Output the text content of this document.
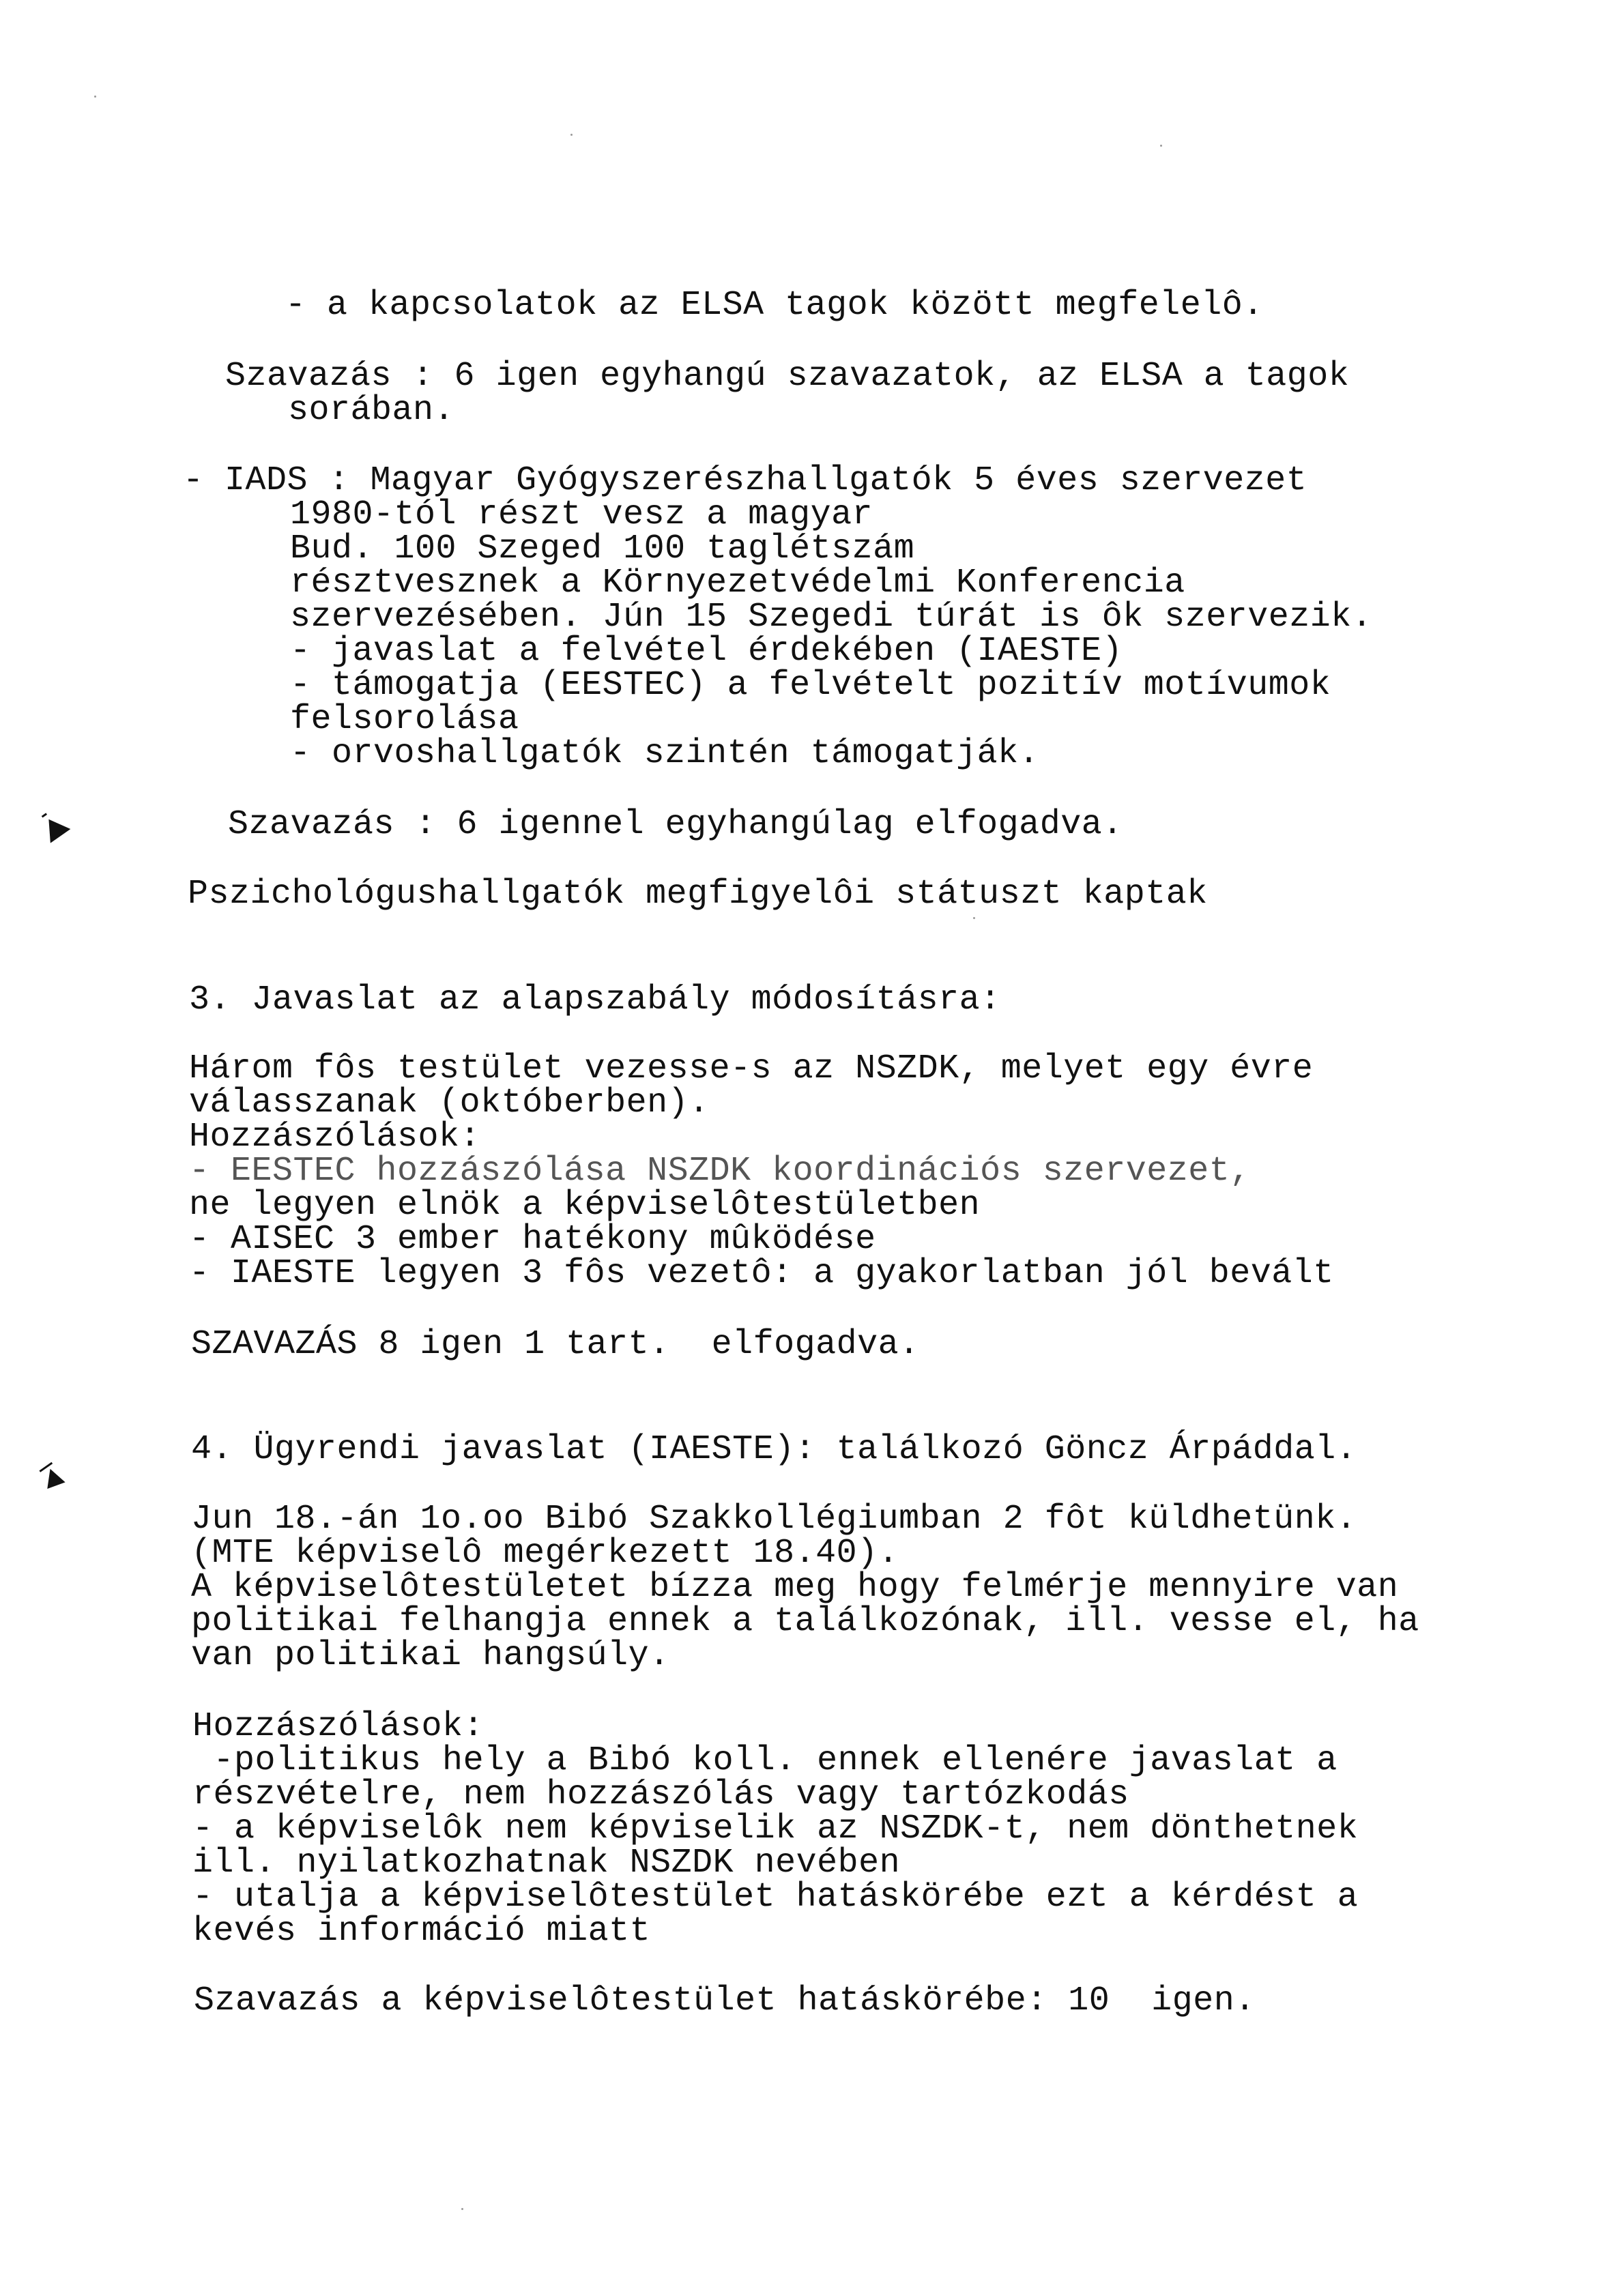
- a kapcsolatok az ELSA tagok között megfelelô.
Szavazás : 6 igen egyhangú szavazatok, az ELSA a tagok
sorában.
- IADS : Magyar Gyógyszerészhallgatók 5 éves szervezet
1980-tól részt vesz a magyar
Bud. 100 Szeged 100 taglétszám
résztvesznek a Környezetvédelmi Konferencia
szervezésében. Jún 15 Szegedi túrát is ôk szervezik.
- javaslat a felvétel érdekében (IAESTE)
- támogatja (EESTEC) a felvételt pozitív motívumok
felsorolása
- orvoshallgatók szintén támogatják.
Szavazás : 6 igennel egyhangúlag elfogadva.
Pszichológushallgatók megfigyelôi státuszt kaptak
3. Javaslat az alapszabály módosításra:
Három fôs testület vezesse-s az NSZDK, melyet egy évre
válasszanak (októberben).
Hozzászólások:
- EESTEC hozzászólása NSZDK koordinációs szervezet,
ne legyen elnök a képviselôtestületben
- AISEC 3 ember hatékony mûködése
- IAESTE legyen 3 fôs vezetô: a gyakorlatban jól bevált
SZAVAZÁS 8 igen 1 tart.  elfogadva.
4. Ügyrendi javaslat (IAESTE): találkozó Göncz Árpáddal.
Jun 18.-án 1o.oo Bibó Szakkollégiumban 2 fôt küldhetünk.
(MTE képviselô megérkezett 18.40).
A képviselôtestületet bízza meg hogy felmérje mennyire van
politikai felhangja ennek a találkozónak, ill. vesse el, ha
van politikai hangsúly.
Hozzászólások:
-politikus hely a Bibó koll. ennek ellenére javaslat a
részvételre, nem hozzászólás vagy tartózkodás
- a képviselôk nem képviselik az NSZDK-t, nem dönthetnek
ill. nyilatkozhatnak NSZDK nevében
- utalja a képviselôtestület hatáskörébe ezt a kérdést a
kevés információ miatt
Szavazás a képviselôtestület hatáskörébe: 10  igen.
